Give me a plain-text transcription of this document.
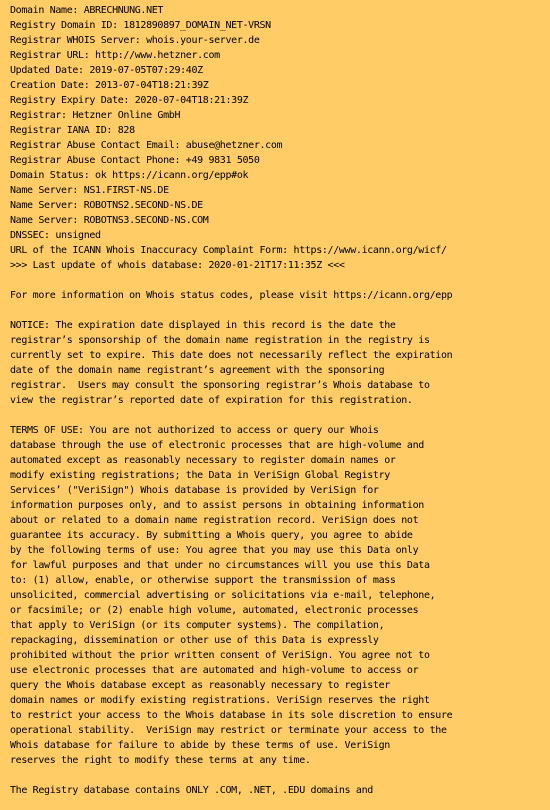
Domain Name: ABRECHNUNG.NET
Registry Domain ID: 1812890897_DOMAIN_NET-VRSN
Registrar WHOIS Server: whois.your-server.de
Registrar URL: http://www.hetzner.com
Updated Date: 2019-07-05T07:29:40Z
Creation Date: 2013-07-04T18:21:39Z
Registry Expiry Date: 2020-07-04T18:21:39Z
Registrar: Hetzner Online GmbH
Registrar IANA ID: 828
Registrar Abuse Contact Email: abuse@hetzner.com
Registrar Abuse Contact Phone: +49 9831 5050
Domain Status: ok https://icann.org/epp#ok
Name Server: NS1.FIRST-NS.DE
Name Server: ROBOTNS2.SECOND-NS.DE
Name Server: ROBOTNS3.SECOND-NS.COM
DNSSEC: unsigned
URL of the ICANN Whois Inaccuracy Complaint Form: https://www.icann.org/wicf/
>>> Last update of whois database: 2020-01-21T17:11:35Z <<<
For more information on Whois status codes, please visit https://icann.org/epp
NOTICE: The expiration date displayed in this record is the date the
registrar’s sponsorship of the domain name registration in the registry is
currently set to expire. This date does not necessarily reflect the expiration
date of the domain name registrant’s agreement with the sponsoring
registrar.  Users may consult the sponsoring registrar’s Whois database to
view the registrar’s reported date of expiration for this registration.
TERMS OF USE: You are not authorized to access or query our Whois
database through the use of electronic processes that are high-volume and
automated except as reasonably necessary to register domain names or
modify existing registrations; the Data in VeriSign Global Registry
Services’ ("VeriSign") Whois database is provided by VeriSign for
information purposes only, and to assist persons in obtaining information
about or related to a domain name registration record. VeriSign does not
guarantee its accuracy. By submitting a Whois query, you agree to abide
by the following terms of use: You agree that you may use this Data only
for lawful purposes and that under no circumstances will you use this Data
to: (1) allow, enable, or otherwise support the transmission of mass
unsolicited, commercial advertising or solicitations via e-mail, telephone,
or facsimile; or (2) enable high volume, automated, electronic processes
that apply to VeriSign (or its computer systems). The compilation,
repackaging, dissemination or other use of this Data is expressly
prohibited without the prior written consent of VeriSign. You agree not to
use electronic processes that are automated and high-volume to access or
query the Whois database except as reasonably necessary to register
domain names or modify existing registrations. VeriSign reserves the right
to restrict your access to the Whois database in its sole discretion to ensure
operational stability.  VeriSign may restrict or terminate your access to the
Whois database for failure to abide by these terms of use. VeriSign
reserves the right to modify these terms at any time.
The Registry database contains ONLY .COM, .NET, .EDU domains and
